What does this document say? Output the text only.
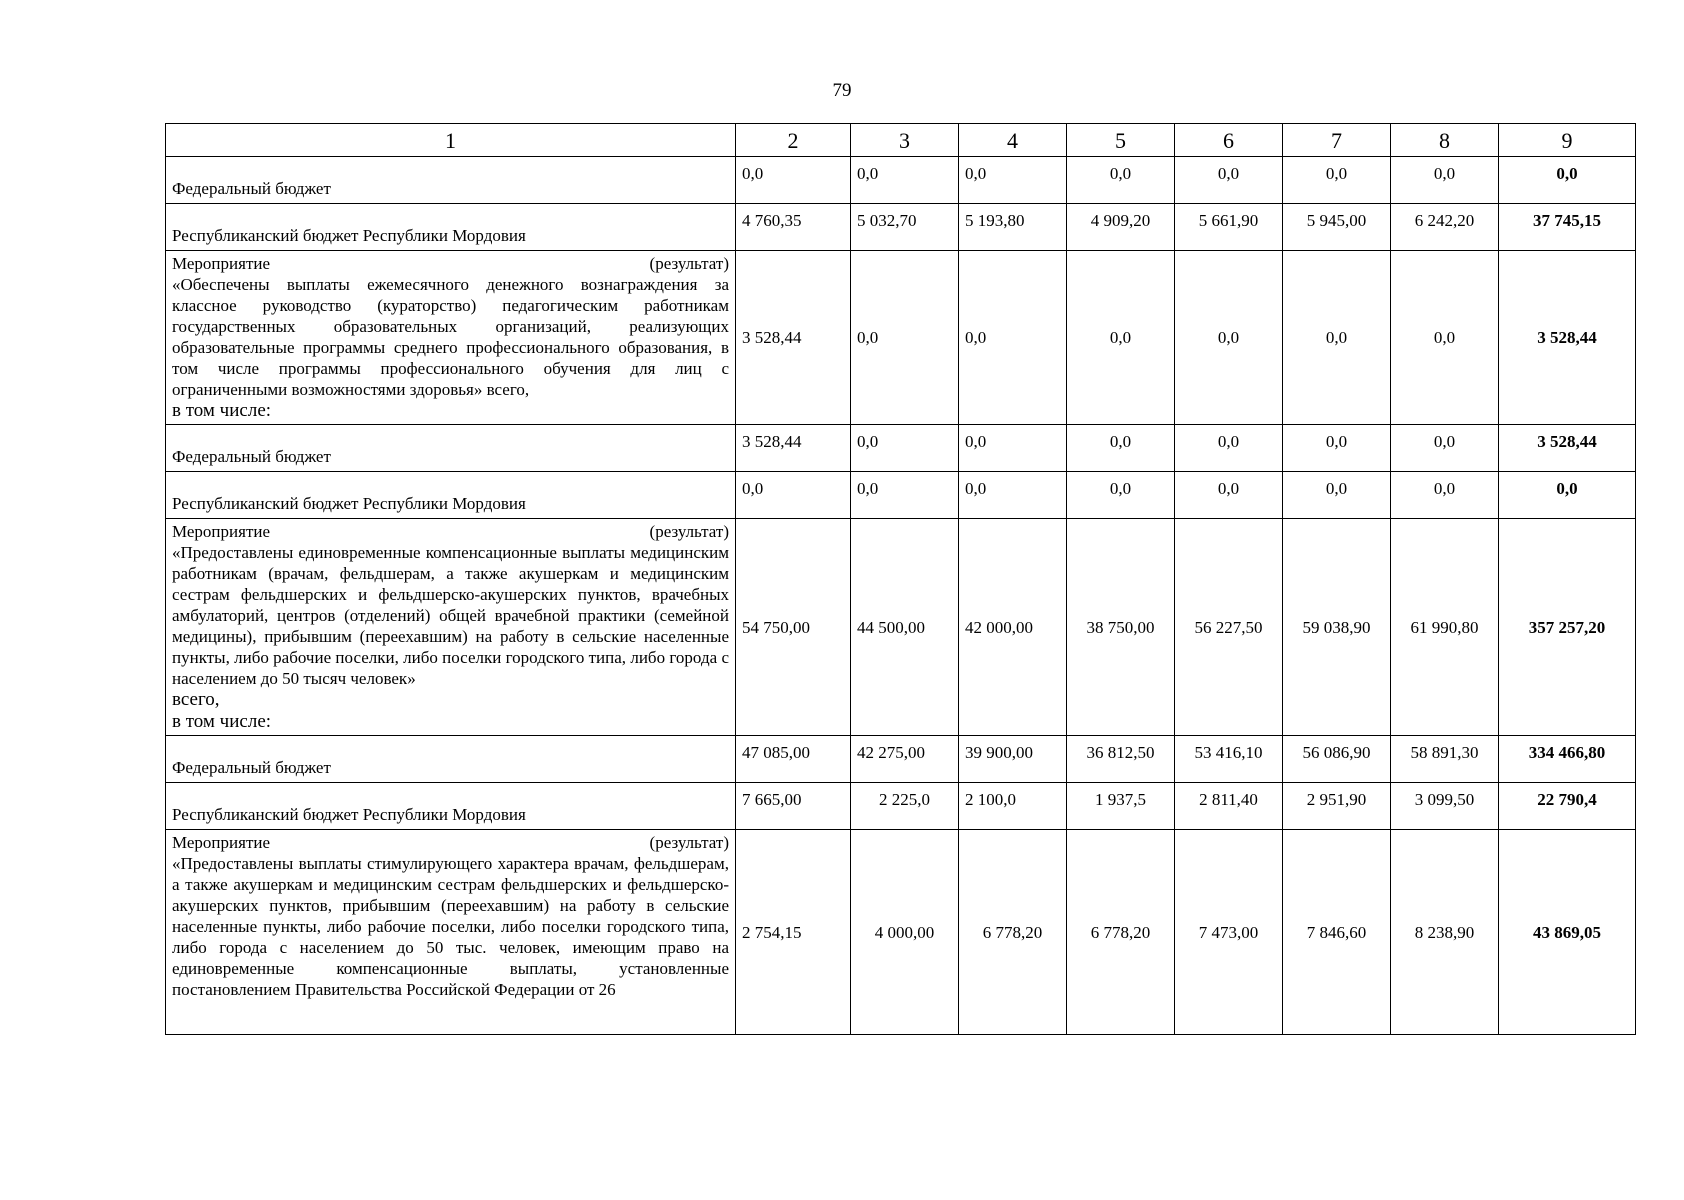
79
1	2	3	4	5	6	7	8	9
Федеральный бюджет	0,0	0,0	0,0	0,0	0,0	0,0	0,0	0,0
Республиканский бюджет Республики Мордовия	4 760,35	5 032,70	5 193,80	4 909,20	5 661,90	5 945,00	6 242,20	37 745,15

Мероприятие (результат)
«Обеспечены выплаты ежемесячного денежного вознаграждения за классное руководство (кураторство) педагогическим работникам государственных образовательных организаций, реализующих образовательные программы среднего профессионального образования, в том числе программы профессионального обучения для лиц с ограниченными возможностями здоровья» всего,
в том числе:	3 528,44	0,0	0,0	0,0	0,0	0,0	0,0	3 528,44
Федеральный бюджет	3 528,44	0,0	0,0	0,0	0,0	0,0	0,0	3 528,44
Республиканский бюджет Республики Мордовия	0,0	0,0	0,0	0,0	0,0	0,0	0,0	0,0

Мероприятие (результат)
«Предоставлены единовременные компенсационные выплаты медицинским работникам (врачам, фельдшерам, а также акушеркам и медицинским сестрам фельдшерских и фельдшерско-акушерских пунктов, врачебных амбулаторий, центров (отделений) общей врачебной практики (семейной медицины), прибывшим (переехавшим) на работу в сельские населенные пункты, либо рабочие поселки, либо поселки городского типа, либо города с населением до 50 тысяч человек»
всего,
в том числе:	54 750,00	44 500,00	42 000,00	38 750,00	56 227,50	59 038,90	61 990,80	357 257,20
Федеральный бюджет	47 085,00	42 275,00	39 900,00	36 812,50	53 416,10	56 086,90	58 891,30	334 466,80
Республиканский бюджет Республики Мордовия	7 665,00	2 225,0	2 100,0	1 937,5	2 811,40	2 951,90	3 099,50	22 790,4

Мероприятие (результат)
«Предоставлены выплаты стимулирующего характера врачам, фельдшерам, а также акушеркам и медицинским сестрам фельдшерских и фельдшерско-акушерских пунктов, прибывшим (переехавшим) на работу в сельские населенные пункты, либо рабочие поселки, либо поселки городского типа, либо города с населением до 50 тыс. человек, имеющим право на единовременные компенсационные выплаты, установленные постановлением Правительства Российской Федерации от 26	2 754,15	4 000,00	6 778,20	6 778,20	7 473,00	7 846,60	8 238,90	43 869,05
